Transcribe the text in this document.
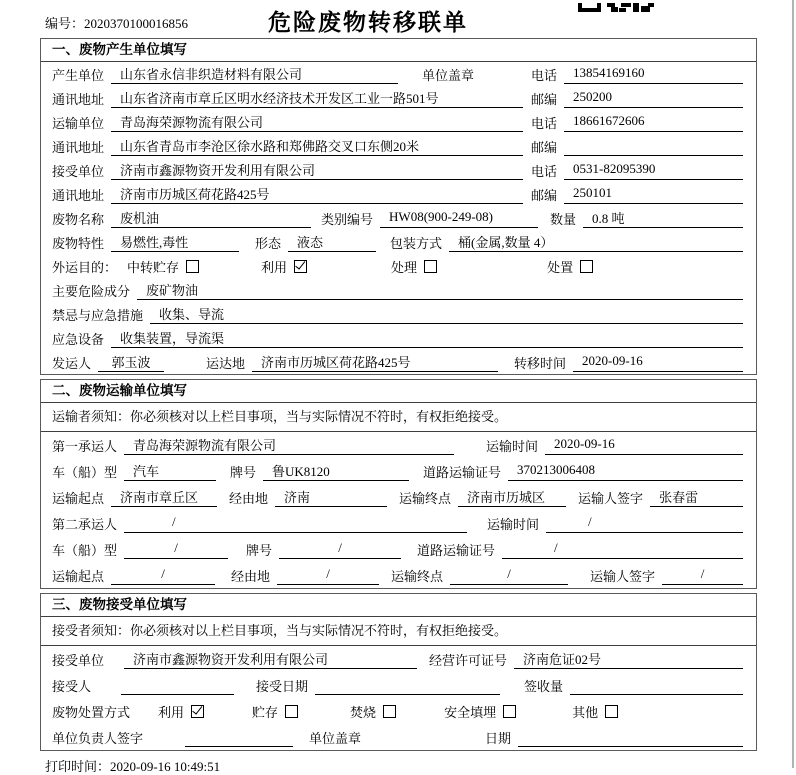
编号：2020370100016856	危险废物转移联单
一、废物产生单位填写
产生单位	山东省永信非织造材料有限公司	单位盖章	电话	13854169160
通讯地址	山东省济南市章丘区明水经济技术开发区工业一路501号	邮编	250200
运输单位	青岛海荣源物流有限公司	电话	18661672606
通讯地址	山东省青岛市李沧区徐水路和郑佛路交叉口东侧20米	邮编
接受单位	济南市鑫源物资开发利用有限公司	电话	0531-82095390
通讯地址	济南市历城区荷花路425号	邮编	250101
废物名称	废机油	类别编号	HW08(900-249-08)	数量	0.8 吨
废物特性	易燃性,毒性	形态	液态	包装方式	桶(金属,数量 4）
外运目的： 中转贮存	利用	处理	处置
主要危险成分	废矿物油
禁忌与应急措施	收集、导流
应急设备	收集装置，导流渠
发运人	郭玉波	运达地	济南市历城区荷花路425号	转移时间	2020-09-16
二、废物运输单位填写
运输者须知：你必须核对以上栏目事项，当与实际情况不符时，有权拒绝接受。
第一承运人	青岛海荣源物流有限公司	运输时间	2020-09-16
车（船）型	汽车	牌号	鲁UK8120	道路运输证号	370213006408
运输起点	济南市章丘区	经由地	济南	运输终点	济南市历城区	运输人签字	张春雷
第二承运人	/	运输时间	/
车（船）型	/	牌号	/	道路运输证号	/
运输起点	/	经由地	/	运输终点	/	运输人签字	/
三、废物接受单位填写
接受者须知：你必须核对以上栏目事项，当与实际情况不符时，有权拒绝接受。
接受单位	济南市鑫源物资开发利用有限公司	经营许可证号	济南危证02号
接受人	接受日期	签收量
废物处置方式 利用	贮存	焚烧	安全填埋	其他
单位负责人签字	单位盖章	日期
打印时间：2020-09-16 10:49:51
